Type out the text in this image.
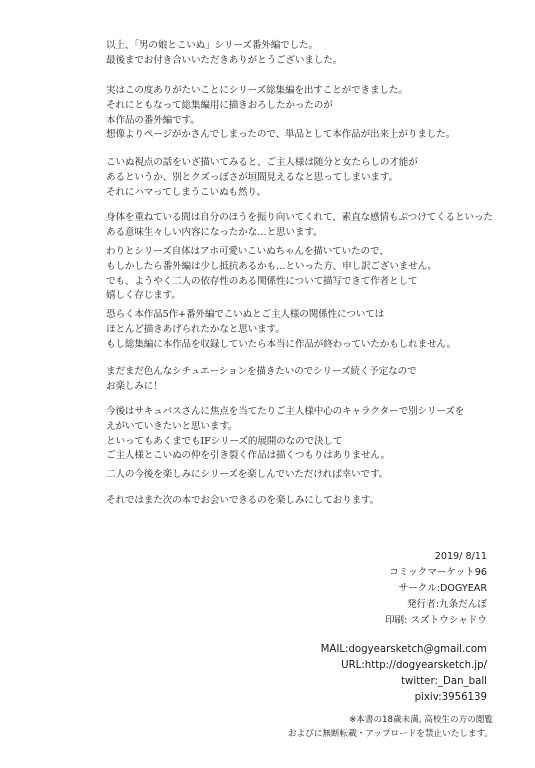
以上、「男の娘とこいぬ」シリーズ番外編でした。
最後までお付き合いいただきありがとうございました。
実はこの度ありがたいことにシリーズ総集編を出すことができました。
それにともなって総集編用に描きおろしたかったのが
本作品の番外編です。
想像よりページがかさんでしまったので、単品として本作品が出来上がりました。
こいぬ視点の話をいざ描いてみると、ご主人様は随分と女たらしの才能が
あるというか、別とクズっぽさが垣間見えるなと思ってしまいます。
それにハマってしまうこいぬも然り。
身体を重ねている間は自分のほうを振り向いてくれて、素直な感情もぶつけてくるといった
ある意味生々しい内容になったかな…と思います。
わりとシリーズ自体はアホ可愛いこいぬちゃんを描いていたので、
もしかしたら番外編は少し抵抗あるかも…といった方、申し訳ございません。
でも、ようやく二人の依存性のある関係性について描写できて作者として
嬉しく存じます。
恐らく本作品5作+番外編でこいぬとご主人様の関係性については
ほとんど描きあげられたかなと思います。
もし総集編に本作品を収録していたら本当に作品が終わっていたかもしれません。
まだまだ色んなシチュエーションを描きたいのでシリーズ続く予定なので
お楽しみに！
今後はサキュバスさんに焦点を当てたりご主人様中心のキャラクターで別シリーズを
えがいていきたいと思います。
といってもあくまでもIFシリーズ的展開のなので決して
ご主人様とこいぬの仲を引き裂く作品は描くつもりはありません。
二人の今後を楽しみにシリーズを楽しんでいただければ幸いです。
それではまた次の本でお会いできるのを楽しみにしております。
2019/ 8/11
コミックマーケット96
サークル:DOGYEAR
発行者:九条だんぼ
印刷: スズトウシャドウ
MAIL:dogyearsketch@gmail.com
URL:http://dogyearsketch.jp/
twitter:_Dan_ball
pixiv:3956139
※本書の18歳未満, 高校生の方の閲覧
およびに無断転載・アップロードを禁止いたします。
